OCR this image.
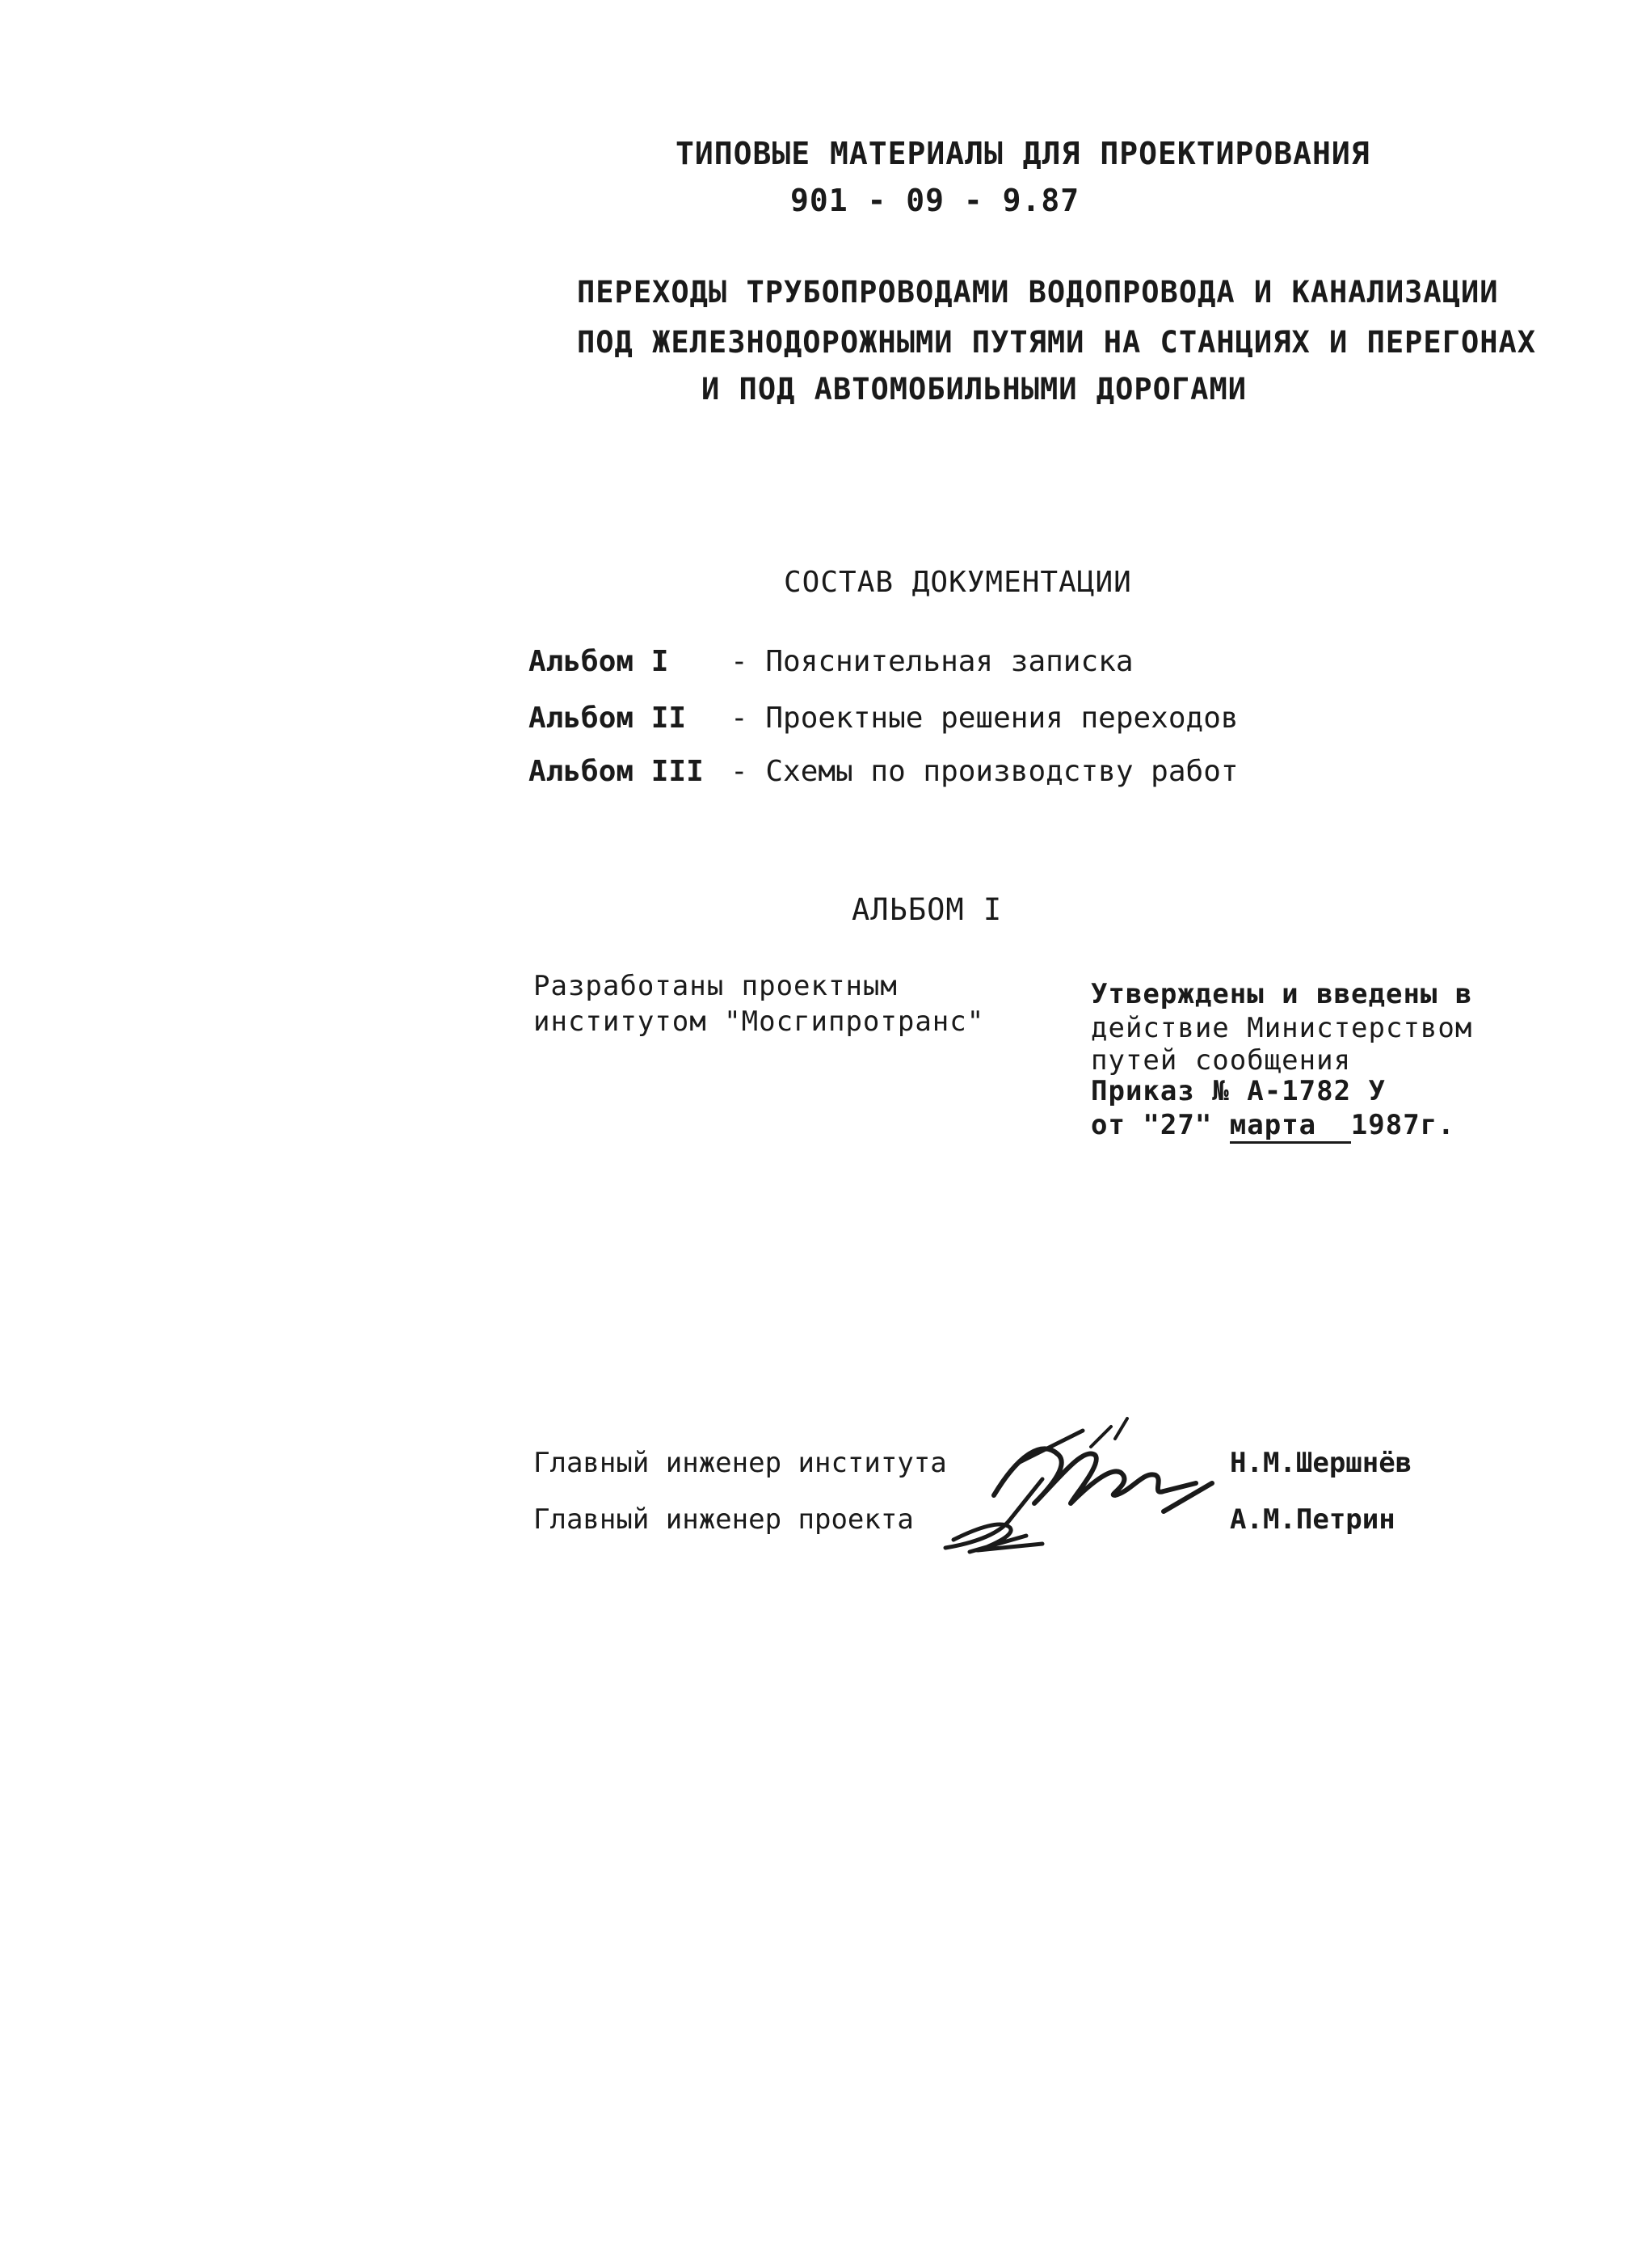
ТИПОВЫЕ МАТЕРИАЛЫ ДЛЯ ПРОЕКТИРОВАНИЯ
901 - 09 - 9.87
ПЕРЕХОДЫ ТРУБОПРОВОДАМИ ВОДОПРОВОДА И КАНАЛИЗАЦИИ
ПОД ЖЕЛЕЗНОДОРОЖНЫМИ ПУТЯМИ НА СТАНЦИЯХ И ПЕРЕГОНАХ
И ПОД АВТОМОБИЛЬНЫМИ ДОРОГАМИ
СОСТАВ ДОКУМЕНТАЦИИ
Альбом I	- Пояснительная записка
Альбом II	- Проектные решения переходов
Альбом III - Схемы по производству работ
АЛЬБОМ I
Разработаны проектным
институтом "Мосгипротранс"
Утверждены и введены в
действие Министерством
путей сообщения
Приказ № А-1782 У
от "27" марта 1987г.
Главный инженер института
Главный инженер проекта
Н.М.Шершнёв
А.М.Петрин
